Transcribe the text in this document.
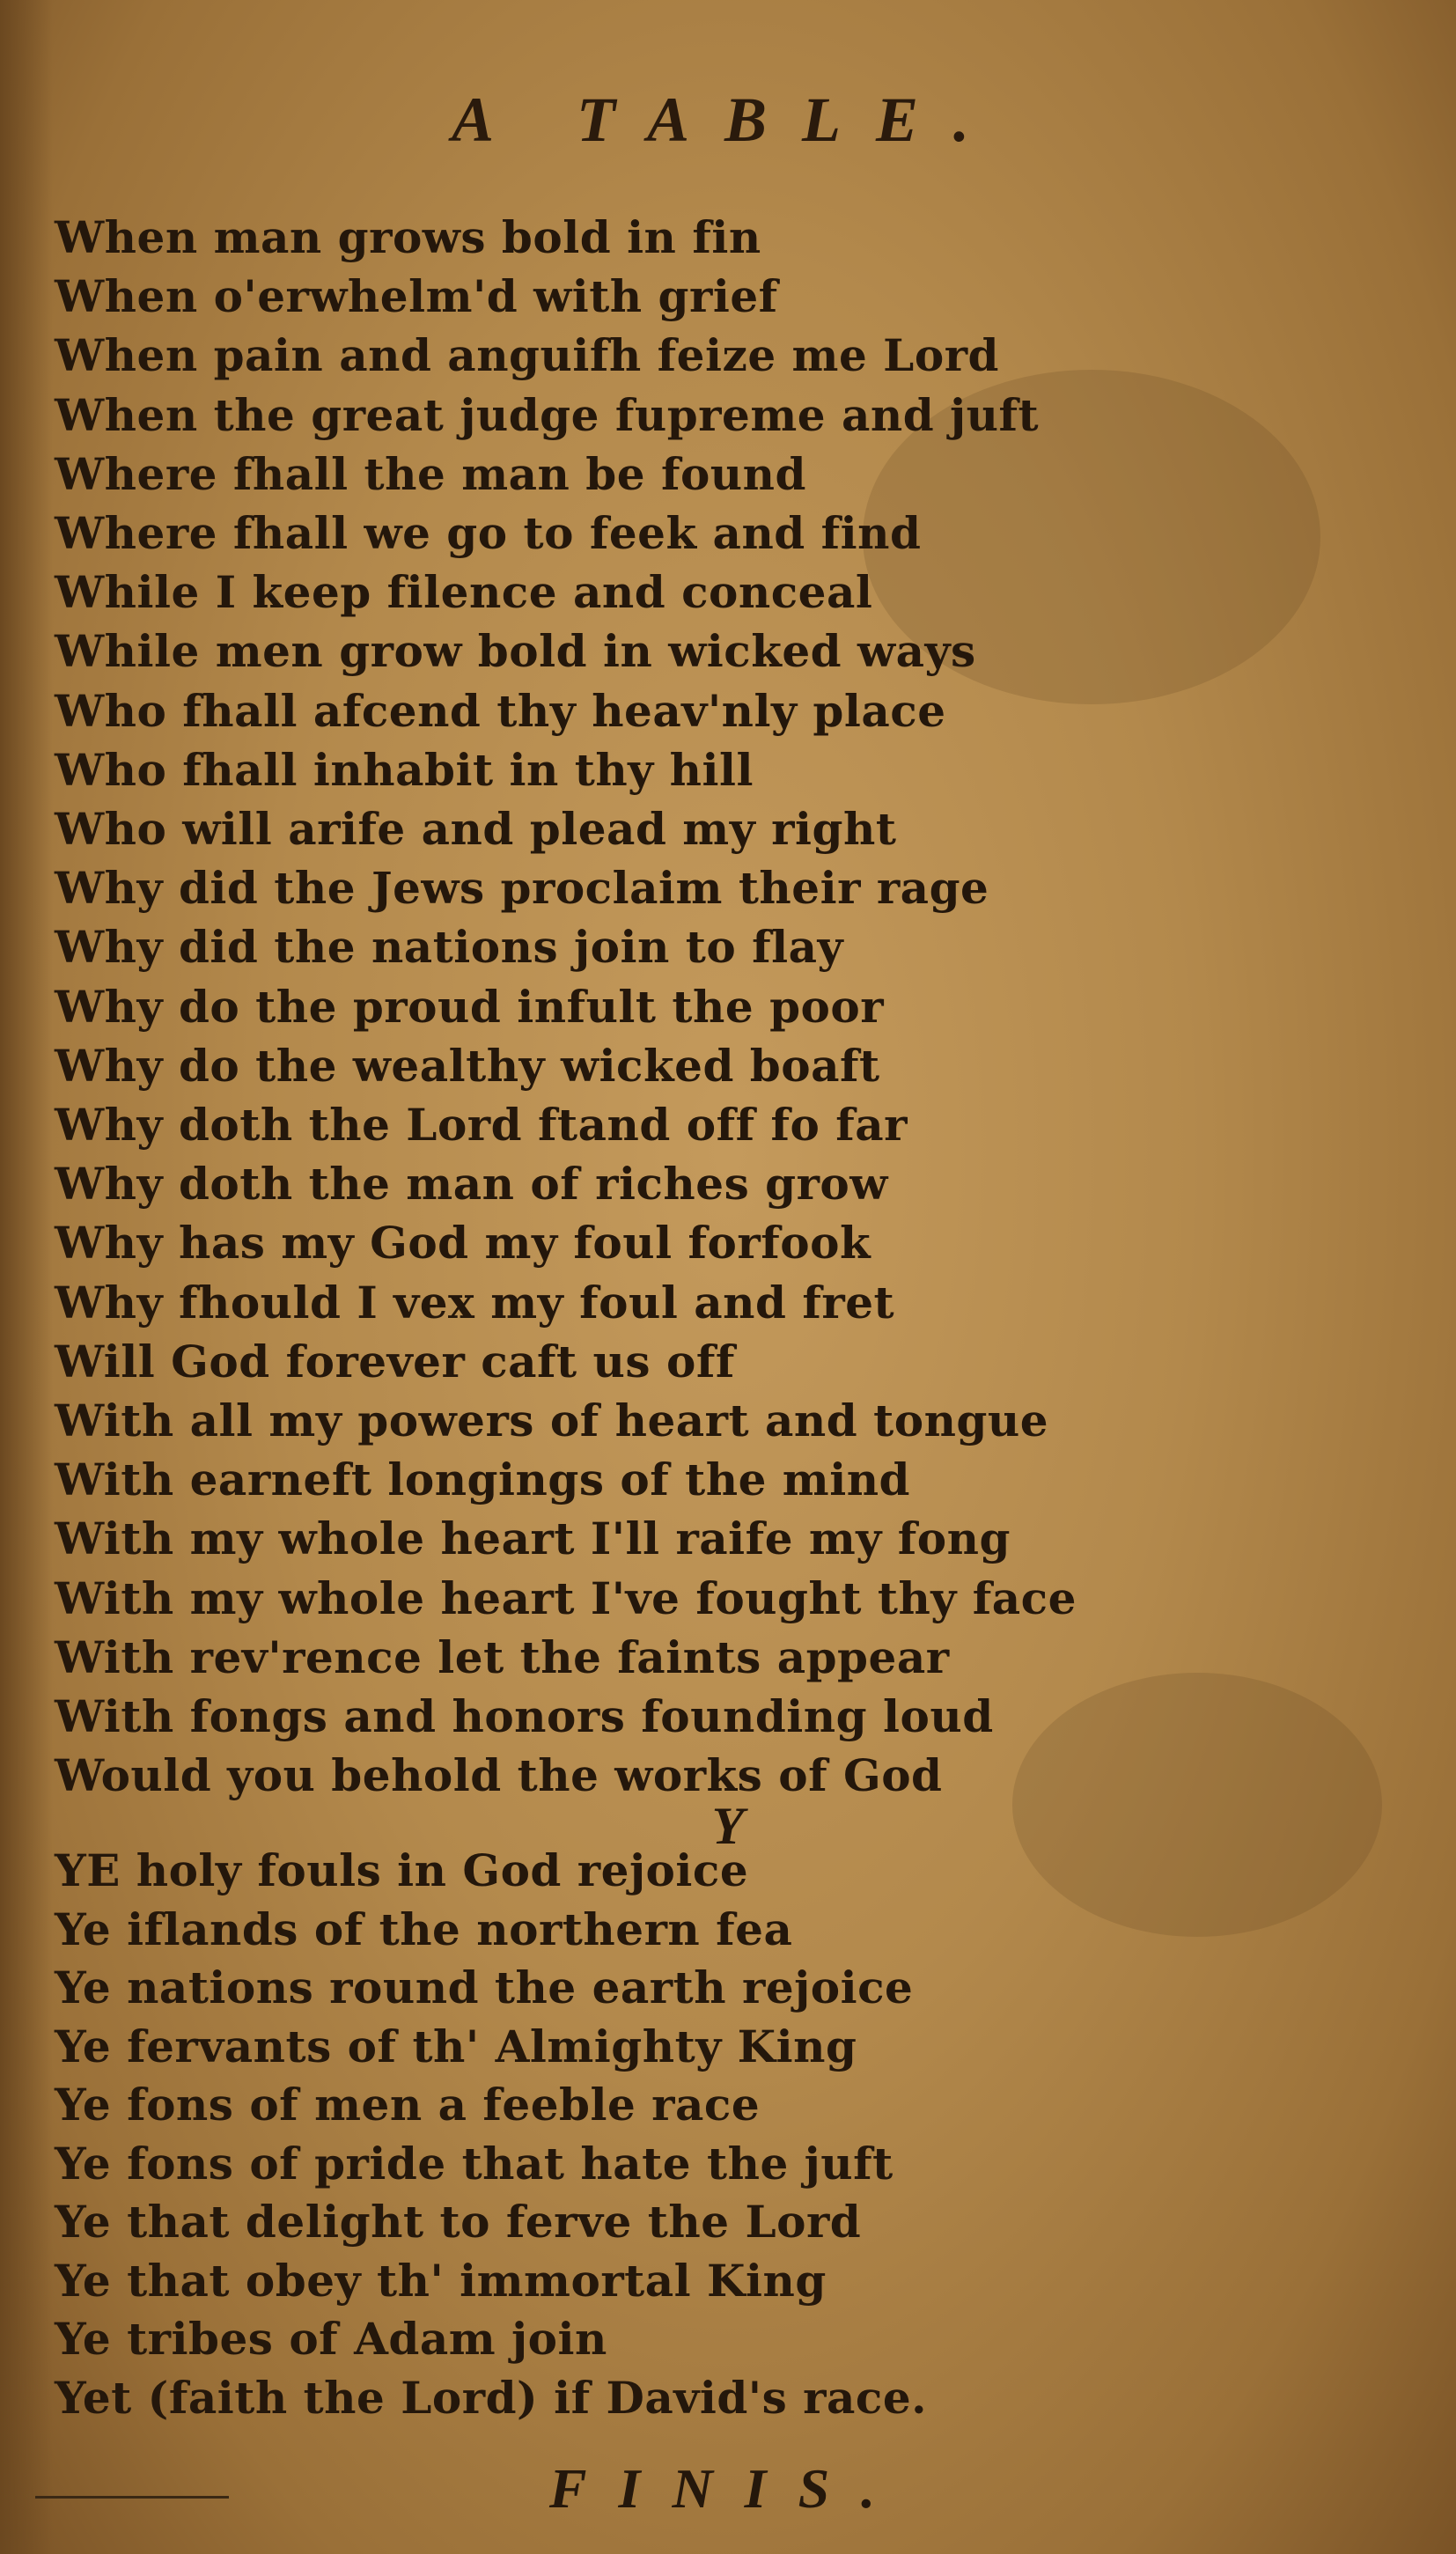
A TABLE.
When man grows bold in fin
When o'erwhelm'd with grief
When pain and anguifh feize me Lord
When the great judge fupreme and juft
Where fhall the man be found
Where fhall we go to feek and find
While I keep filence and conceal
While men grow bold in wicked ways
Who fhall afcend thy heav'nly place
Who fhall inhabit in thy hill
Who will arife and plead my right
Why did the Jews proclaim their rage
Why did the nations join to flay
Why do the proud infult the poor
Why do the wealthy wicked boaft
Why doth the Lord ftand off fo far
Why doth the man of riches grow
Why has my God my foul forfook
Why fhould I vex my foul and fret
Will God forever caft us off
With all my powers of heart and tongue
With earneft longings of the mind
With my whole heart I'll raife my fong
With my whole heart I've fought thy face
With rev'rence let the faints appear
With fongs and honors founding loud
Would you behold the works of God
YE holy fouls in God rejoice
Ye iflands of the northern fea
Ye nations round the earth rejoice
Ye fervants of th' Almighty King
Ye fons of men a feeble race
Ye fons of pride that hate the juft
Ye that delight to ferve the Lord
Ye that obey th' immortal King
Ye tribes of Adam join
Yet (faith the Lord) if David's race.
Y
FINIS.
